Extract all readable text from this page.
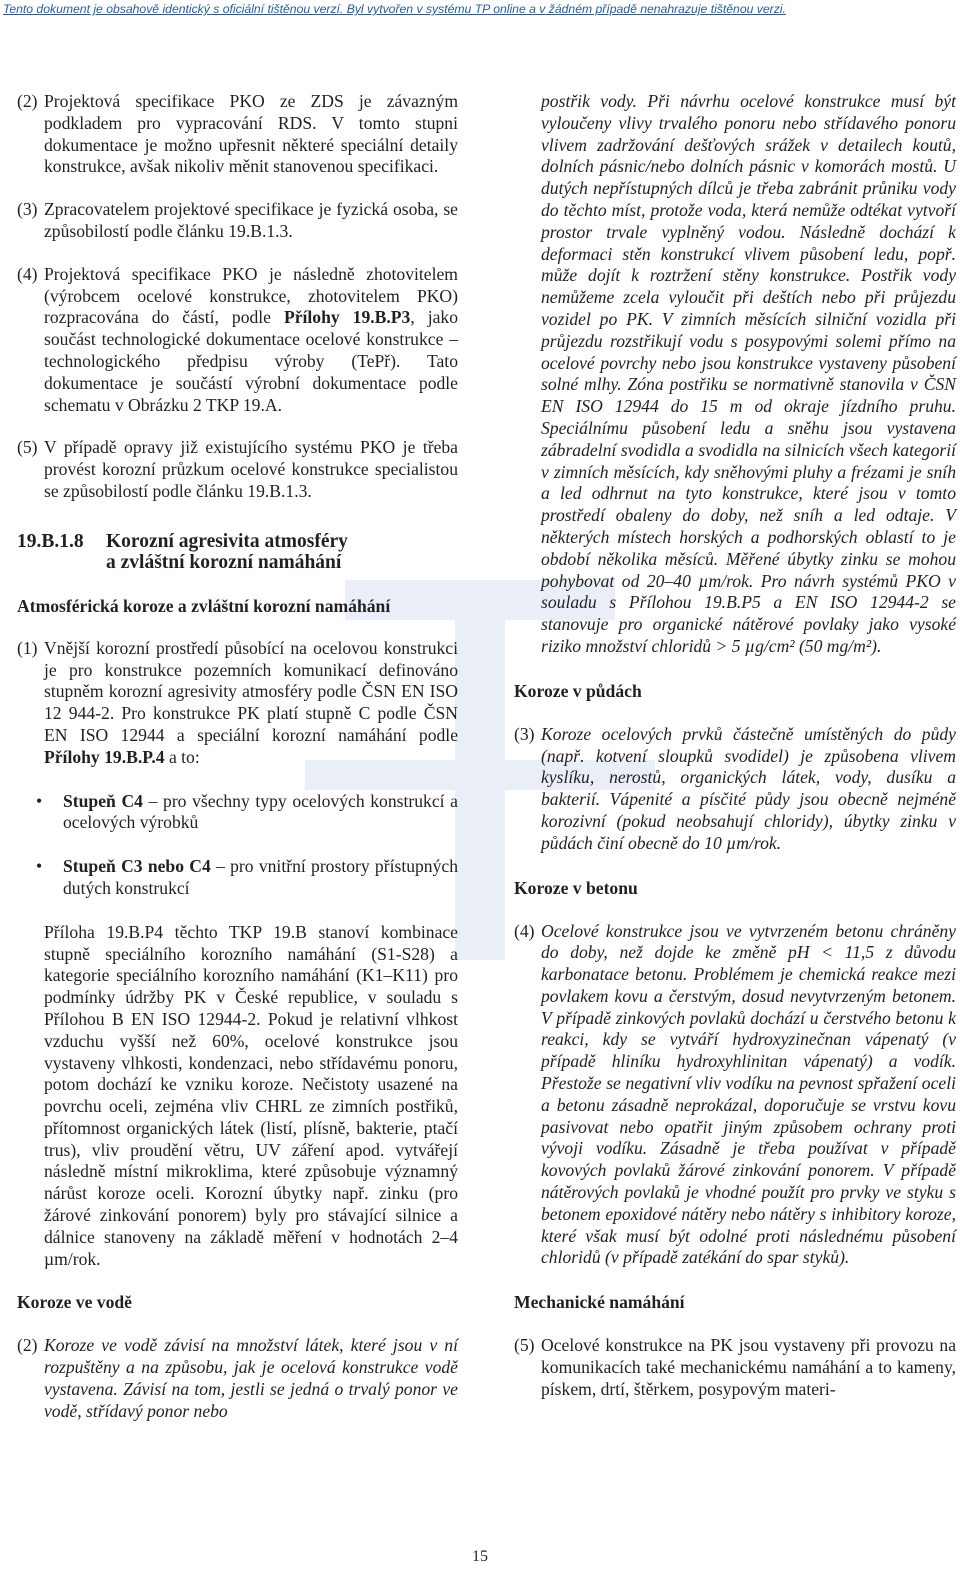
Tento dokument je obsahově identický s oficiální tištěnou verzí. Byl vytvořen v systému TP online a v žádném případě nenahrazuje tištěnou verzi.

(2) Projektová specifikace PKO ze ZDS je závazným podkladem pro vypracování RDS. V tomto stupni dokumentace je možno upřesnit některé speciální detaily konstrukce, avšak nikoliv měnit stanovenou specifikaci.

(3) Zpracovatelem projektové specifikace je fyzická osoba, se způsobilostí podle článku 19.B.1.3.

(4) Projektová specifikace PKO je následně zhotovitelem (výrobcem ocelové konstrukce, zhotovitelem PKO) rozpracována do částí, podle Přílohy 19.B.P3, jako součást technologické dokumentace ocelové konstrukce – technologického předpisu výroby (TePř). Tato dokumentace je součástí výrobní dokumentace podle schematu v Obrázku 2 TKP 19.A.

(5) V případě opravy již existujícího systému PKO je třeba provést korozní průzkum ocelové konstrukce specialistou se způsobilostí podle článku 19.B.1.3.

19.B.1.8	Korozní agresivita atmosféry
a zvláštní korozní namáhání
Atmosférická koroze a zvláštní korozní namáhání

(1) Vnější korozní prostředí působící na ocelovou konstrukci je pro konstrukce pozemních komunikací definováno stupněm korozní agresivity atmosféry podle ČSN EN ISO 12 944-2. Pro konstrukce PK platí stupně C podle ČSN EN ISO 12944 a speciální korozní namáhání podle Přílohy 19.B.P.4 a to:

• Stupeň C4 – pro všechny typy ocelových konstrukcí a ocelových výrobků

• Stupeň C3 nebo C4 – pro vnitřní prostory přístupných dutých konstrukcí

Příloha 19.B.P4 těchto TKP 19.B stanoví kombinace stupně speciálního korozního namáhání (S1-S28) a kategorie speciálního korozního namáhání (K1–K11) pro podmínky údržby PK v České republice, v souladu s Přílohou B EN ISO 12944-2. Pokud je relativní vlhkost vzduchu vyšší než 60%, ocelové konstrukce jsou vystaveny vlhkosti, kondenzaci, nebo střídavému ponoru, potom dochází ke vzniku koroze. Nečistoty usazené na povrchu oceli, zejména vliv CHRL ze zimních postřiků, přítomnost organických látek (listí, plísně, bakterie, ptačí trus), vliv proudění větru, UV záření apod. vytvářejí následně místní mikroklima, které způsobuje významný nárůst koroze oceli. Korozní úbytky např. zinku (pro žárové zinkování ponorem) byly pro stávající silnice a dálnice stanoveny na základě měření v hodnotách 2–4 µm/rok.

Koroze ve vodě

(2) Koroze ve vodě závisí na množství látek, které jsou v ní rozpuštěny a na způsobu, jak je ocelová konstrukce vodě vystavena. Závisí na tom, jestli se jedná o trvalý ponor ve vodě, střídavý ponor nebo

postřik vody. Při návrhu ocelové konstrukce musí být vyloučeny vlivy trvalého ponoru nebo střídavého ponoru vlivem zadržování dešťových srážek v detailech koutů, dolních pásnic/nebo dolních pásnic v komorách mostů. U dutých nepřístupných dílců je třeba zabránit průniku vody do těchto míst, protože voda, která nemůže odtékat vytvoří prostor trvale vyplněný vodou. Následně dochází k deformaci stěn konstrukcí vlivem působení ledu, popř. může dojít k roztržení stěny konstrukce. Postřik vody nemůžeme zcela vyloučit při deštích nebo při průjezdu vozidel po PK. V zimních měsících silniční vozidla při průjezdu rozstřikují vodu s posypovými solemi přímo na ocelové povrchy nebo jsou konstrukce vystaveny působení solné mlhy. Zóna postřiku se normativně stanovila v ČSN EN ISO 12944 do 15 m od okraje jízdního pruhu. Speciálnímu působení ledu a sněhu jsou vystavena zábradelní svodidla a svodidla na silnicích všech kategorií v zimních měsících, kdy sněhovými pluhy a frézami je sníh a led odhrnut na tyto konstrukce, které jsou v tomto prostředí obaleny do doby, než sníh a led odtaje. V některých místech horských a podhorských oblastí to je období několika měsíců. Měřené úbytky zinku se mohou pohybovat od 20–40 µm/rok. Pro návrh systémů PKO v souladu s Přílohou 19.B.P5 a EN ISO 12944-2 se stanovuje pro organické nátěrové povlaky jako vysoké riziko množství chloridů > 5 µg/cm² (50 mg/m²).

Koroze v půdách

(3) Koroze ocelových prvků částečně umístěných do půdy (např. kotvení sloupků svodidel) je způsobena vlivem kyslíku, nerostů, organických látek, vody, dusíku a bakterií. Vápenité a písčité půdy jsou obecně nejméně korozivní (pokud neobsahují chloridy), úbytky zinku v půdách činí obecně do 10 µm/rok.

Koroze v betonu

(4) Ocelové konstrukce jsou ve vytvrzeném betonu chráněny do doby, než dojde ke změně pH < 11,5 z důvodu karbonatace betonu. Problémem je chemická reakce mezi povlakem kovu a čerstvým, dosud nevytvrzeným betonem. V případě zinkových povlaků dochází u čerstvého betonu k reakci, kdy se vytváří hydroxyzinečnan vápenatý (v případě hliníku hydroxyhlinitan vápenatý) a vodík. Přestože se negativní vliv vodíku na pevnost spřažení oceli a betonu zásadně neprokázal, doporučuje se vrstvu kovu pasivovat nebo opatřit jiným způsobem ochrany proti vývoji vodíku. Zásadně je třeba používat v případě kovových povlaků žárové zinkování ponorem. V případě nátěrových povlaků je vhodné použít pro prvky ve styku s betonem epoxidové nátěry nebo nátěry s inhibitory koroze, které však musí být odolné proti následnému působení chloridů (v případě zatékání do spar styků).

Mechanické namáhání

(5) Ocelové konstrukce na PK jsou vystaveny při provozu na komunikacích také mechanickému namáhání a to kameny, pískem, drtí, štěrkem, posypovým materi-

15
